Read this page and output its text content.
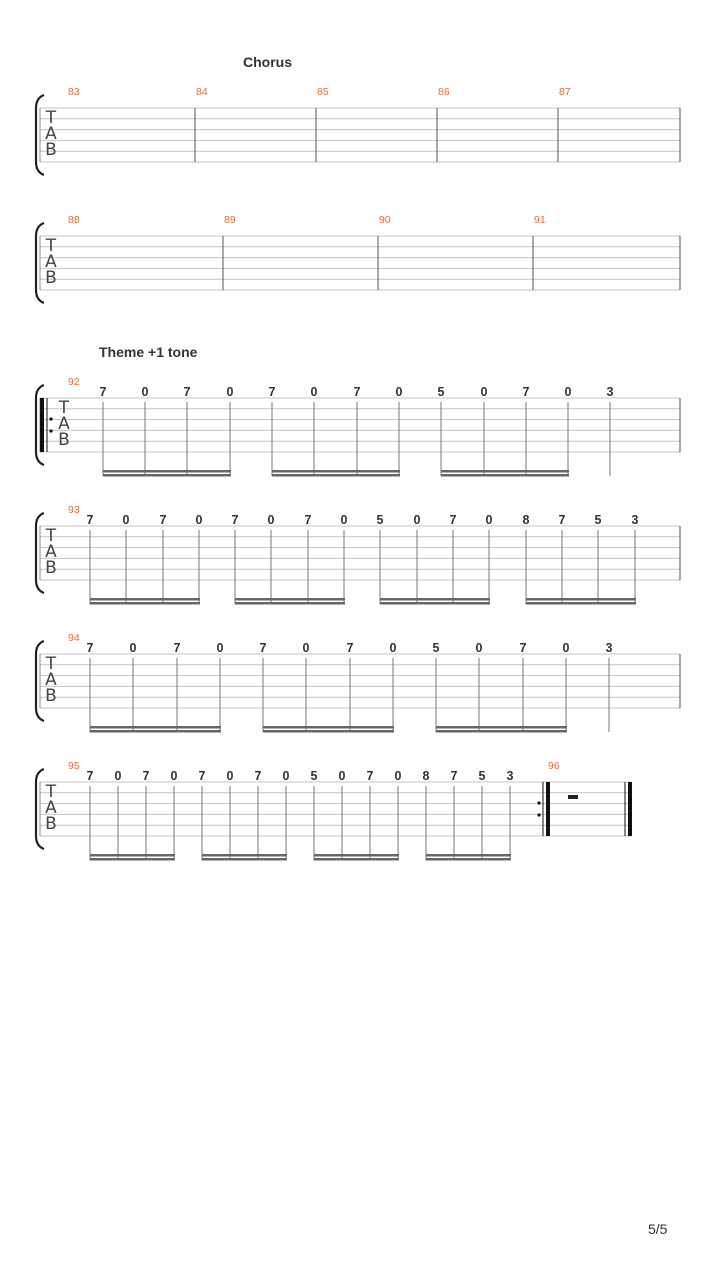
Chorus
Theme +1 tone
T
A
B
83	84	85	86	87
T
A
B
88	89	90	91
T
A
B
92
7	0	7	0	7	0	7	0	5	0	7	0	3
T
A
B
93
7 0 7 0 7 0 7 0 5 0 7 0 8 7 5 3
T
A
B
94
7	0	7	0	7	0	7	0	5	0	7	0	3
T
A
B
95
7 0 7 0 7 0 7 0 5 0 7 0 8 7 5 3
96
5/5
